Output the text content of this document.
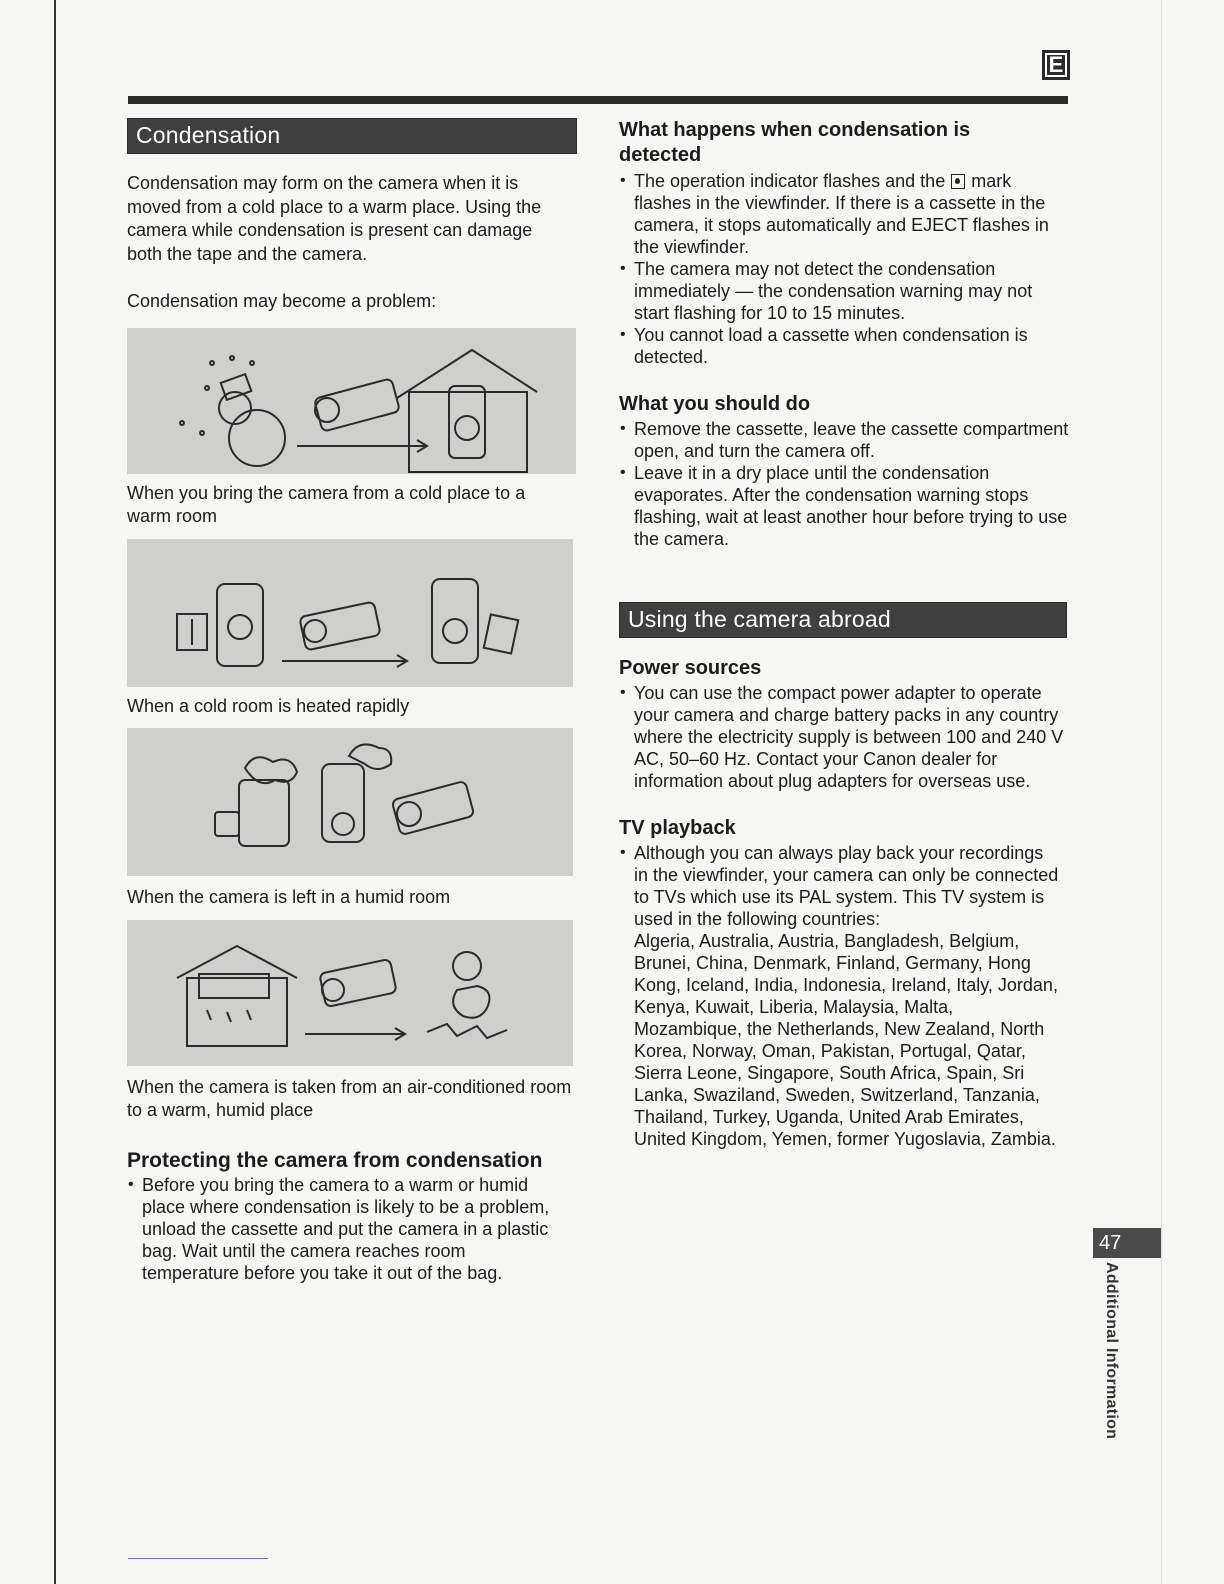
E
Condensation

Condensation may form on the camera when it is moved from a cold place to a warm place. Using the camera while condensation is present can damage both the tape and the camera.

Condensation may become a problem:

When you bring the camera from a cold place to a warm room

When a cold room is heated rapidly

When the camera is left in a humid room

When the camera is taken from an air-conditioned room to a warm, humid place

Protecting the camera from condensation
• Before you bring the camera to a warm or humid place where condensation is likely to be a problem, unload the cassette and put the camera in a plastic bag. Wait until the camera reaches room temperature before you take it out of the bag.
What happens when condensation is detected
• The operation indicator flashes and the mark flashes in the viewfinder. If there is a cassette in the camera, it stops automatically and EJECT flashes in the viewfinder.
• The camera may not detect the condensation immediately — the condensation warning may not start flashing for 10 to 15 minutes.
• You cannot load a cassette when condensation is detected.
What you should do
• Remove the cassette, leave the cassette compartment open, and turn the camera off.
• Leave it in a dry place until the condensation evaporates. After the condensation warning stops flashing, wait at least another hour before trying to use the camera.
Using the camera abroad
Power sources
• You can use the compact power adapter to operate your camera and charge battery packs in any country where the electricity supply is between 100 and 240 V AC, 50–60 Hz. Contact your Canon dealer for information about plug adapters for overseas use.
TV playback
• Although you can always play back your recordings in the viewfinder, your camera can only be connected to TVs which use its PAL system. This TV system is used in the following countries:
Algeria, Australia, Austria, Bangladesh, Belgium, Brunei, China, Denmark, Finland, Germany, Hong Kong, Iceland, India, Indonesia, Ireland, Italy, Jordan, Kenya, Kuwait, Liberia, Malaysia, Malta, Mozambique, the Netherlands, New Zealand, North Korea, Norway, Oman, Pakistan, Portugal, Qatar, Sierra Leone, Singapore, South Africa, Spain, Sri Lanka, Swaziland, Sweden, Switzerland, Tanzania, Thailand, Turkey, Uganda, United Arab Emirates, United Kingdom, Yemen, former Yugoslavia, Zambia.
47
Additional Information
